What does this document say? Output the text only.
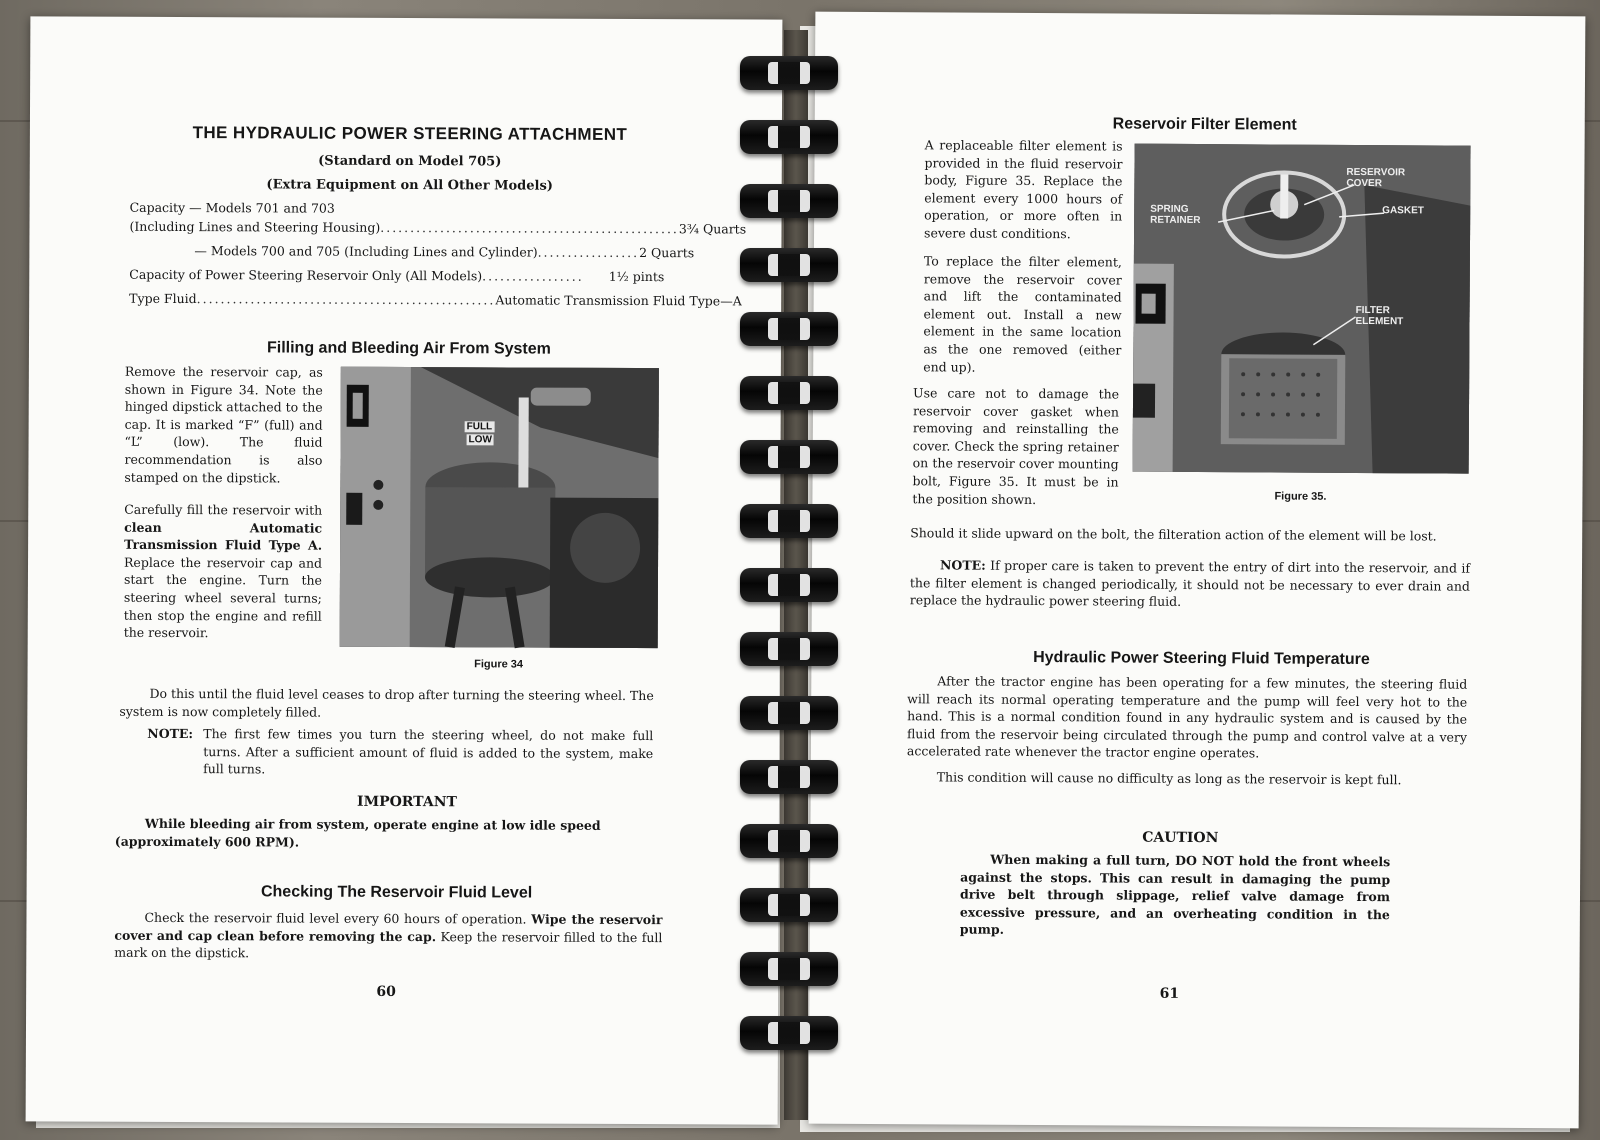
THE HYDRAULIC POWER STEERING ATTACHMENT
(Standard on Model 705)
(Extra Equipment on All Other Models)
Capacity — Models 701 and 703
(Including Lines and Steering Housing) .................................................. 3¾ Quarts
— Models 700 and 705 (Including Lines and Cylinder) ................. 2 Quarts
Capacity of Power Steering Reservoir Only (All Models) .................	1½ pints
Type Fluid .................................................. Automatic Transmission Fluid Type—A
Filling and Bleeding Air From System
Remove the reservoir cap, as shown in Figure 34. Note the hinged dipstick attached to the cap. It is marked “F” (full) and “L” (low). The fluid recommendation is also stamped on the dipstick.
Carefully fill the reservoir with clean Automatic Transmission Fluid Type A. Replace the reservoir cap and start the engine. Turn the steering wheel several turns; then stop the engine and refill the reservoir.
FULL
LOW
Figure 34
Do this until the fluid level ceases to drop after turning the steering wheel. The system is now completely filled.
NOTE: The first few times you turn the steering wheel, do not make full turns. After a sufficient amount of fluid is added to the system, make full turns.
IMPORTANT
While bleeding air from system, operate engine at low idle speed (approximately 600 RPM).
Checking The Reservoir Fluid Level
Check the reservoir fluid level every 60 hours of operation. Wipe the reservoir cover and cap clean before removing the cap. Keep the reservoir filled to the full mark on the dipstick.
60
Reservoir Filter Element
A replaceable filter element is provided in the fluid reservoir body, Figure 35. Replace the element every 1000 hours of operation, or more often in severe dust conditions.
To replace the filter element, remove the reservoir cover and lift the contaminated element out. Install a new element in the same location as the one removed (either end up).
Use care not to damage the reservoir cover gasket when removing and reinstalling the cover. Check the spring retainer on the reservoir cover mounting bolt, Figure 35. It must be in the position shown.
Should it slide upward on the bolt, the filteration action of the element will be lost.
RESERVOIR COVER
GASKET
SPRING RETAINER
FILTER ELEMENT
Figure 35.
NOTE: If proper care is taken to prevent the entry of dirt into the reservoir, and if the filter element is changed periodically, it should not be necessary to ever drain and replace the hydraulic power steering fluid.
Hydraulic Power Steering Fluid Temperature
After the tractor engine has been operating for a few minutes, the steering fluid will reach its normal operating temperature and the pump will feel very hot to the hand. This is a normal condition found in any hydraulic system and is caused by the fluid from the reservoir being circulated through the pump and control valve at a very accelerated rate whenever the tractor engine operates.
This condition will cause no difficulty as long as the reservoir is kept full.
CAUTION
When making a full turn, DO NOT hold the front wheels against the stops. This can result in damaging the pump drive belt through slippage, relief valve damage from excessive pressure, and an overheating condition in the pump.
61
